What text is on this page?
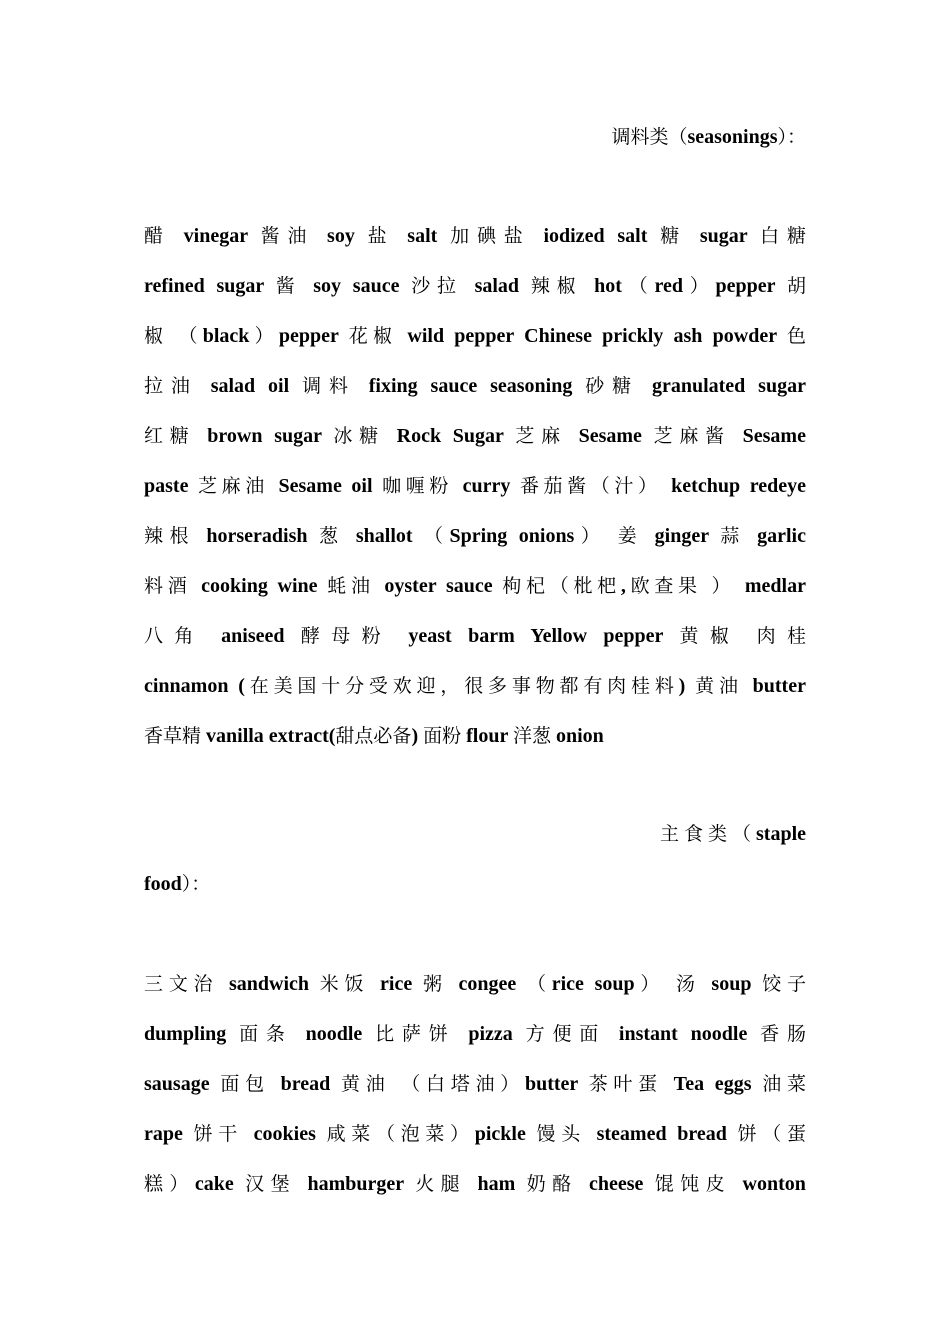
调料类（seasonings）：
醋 vinegar 酱油 soy 盐 salt 加碘盐 iodized salt 糖 sugar 白糖
refined sugar 酱 soy sauce 沙拉 salad 辣椒 hot（red）pepper 胡
椒 （black）pepper 花椒 wild pepper Chinese prickly ash powder 色
拉油 salad oil 调料 fixing sauce seasoning 砂糖 granulated sugar
红糖 brown sugar 冰糖 Rock Sugar 芝麻 Sesame 芝麻酱 Sesame
paste 芝麻油 Sesame oil 咖喱粉 curry 番茄酱（汁） ketchup redeye
辣根 horseradish 葱 shallot （Spring onions） 姜 ginger 蒜 garlic
料酒 cooking wine 蚝油 oyster sauce 枸杞（枇杷,欧查果 ） medlar
八角 aniseed 酵母粉 yeast barm Yellow pepper 黄椒 肉桂
cinnamon (在美国十分受欢迎，很多事物都有肉桂料) 黄油 butter
香草精 vanilla extract(甜点必备) 面粉 flour 洋葱 onion
主 食 类 （ staple
food）：
三文治 sandwich 米饭 rice 粥 congee （rice soup） 汤 soup 饺子
dumpling 面条 noodle 比萨饼 pizza 方便面 instant noodle 香肠
sausage 面包 bread 黄油 （白塔油）butter 茶叶蛋 Tea eggs 油菜
rape 饼干 cookies 咸菜（泡菜）pickle 馒头 steamed bread 饼（蛋
糕）cake 汉堡 hamburger 火腿 ham 奶酪 cheese 馄饨皮 wonton
